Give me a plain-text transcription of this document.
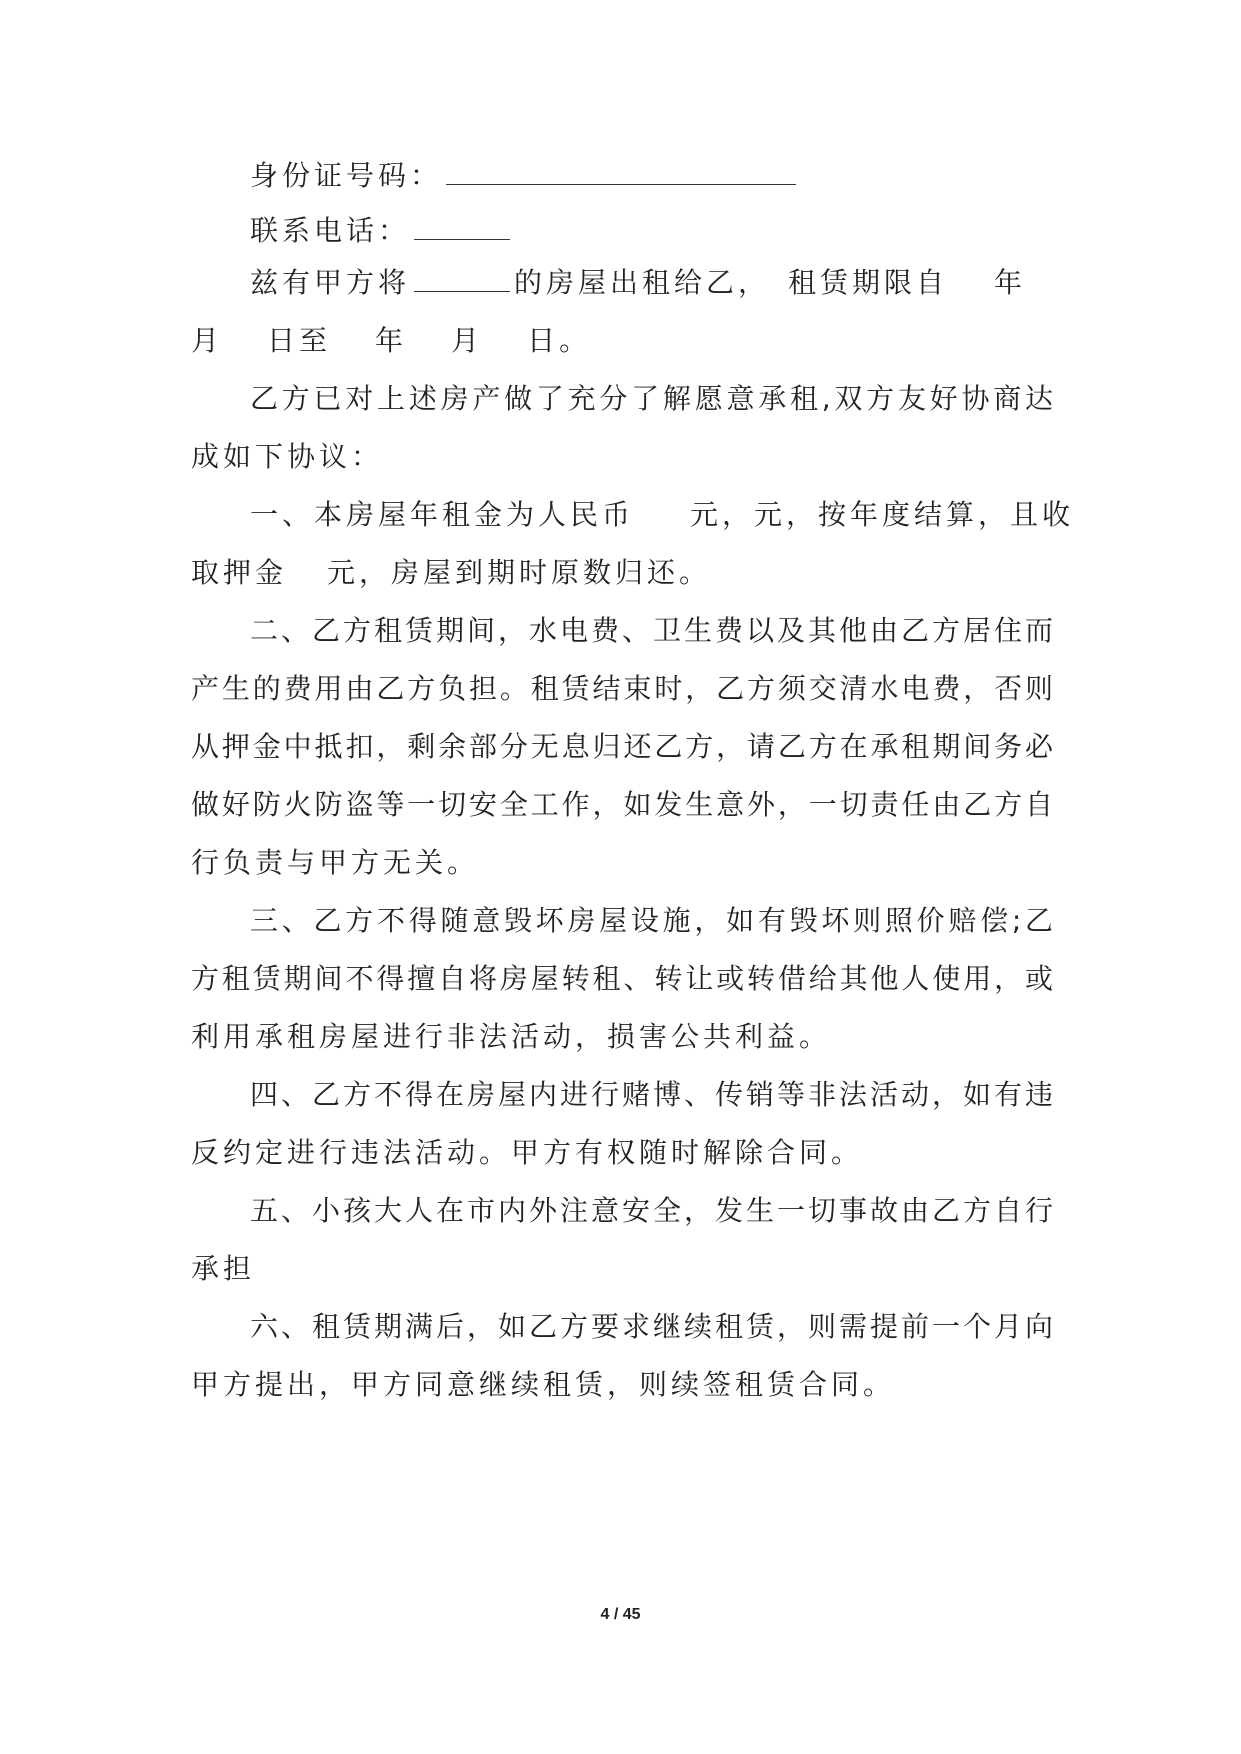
身份证号码：
联系电话：
兹有甲方将	的房屋出租给乙， 租赁期限自 年
月 日至 年 月 日。
乙方已对上述房产做了充分了解愿意承租,双方友好协商达
成如下协议：
一、本房屋年租金为人民币 元，元，按年度结算，且收
取押金 元，房屋到期时原数归还。
二、乙方租赁期间，水电费、卫生费以及其他由乙方居住而
产生的费用由乙方负担。租赁结束时，乙方须交清水电费，否则
从押金中抵扣，剩余部分无息归还乙方，请乙方在承租期间务必
做好防火防盗等一切安全工作，如发生意外，一切责任由乙方自
行负责与甲方无关。
三、乙方不得随意毁坏房屋设施，如有毁坏则照价赔偿;乙
方租赁期间不得擅自将房屋转租、转让或转借给其他人使用，或
利用承租房屋进行非法活动，损害公共利益。
四、乙方不得在房屋内进行赌博、传销等非法活动，如有违
反约定进行违法活动。甲方有权随时解除合同。
五、小孩大人在市内外注意安全，发生一切事故由乙方自行
承担
六、租赁期满后，如乙方要求继续租赁，则需提前一个月向
甲方提出，甲方同意继续租赁，则续签租赁合同。
4 / 45
